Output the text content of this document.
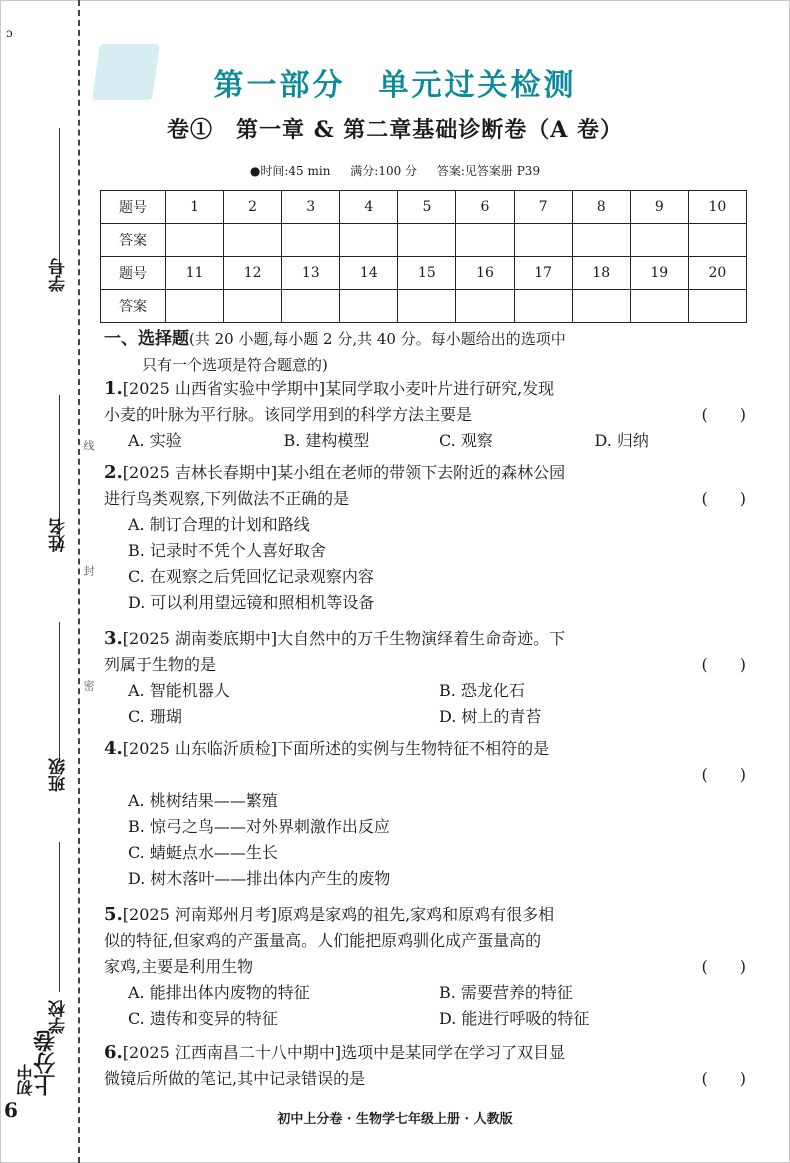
ɔ
学号
姓名
班级
学校
线
封
密
初中
上分卷
6
第一部分　单元过关检测
卷①　第一章 & 第二章基础诊断卷（A 卷）
●时间:45 min 满分:100 分 答案:见答案册 P39
题号	1	2	3	4	5	6	7	8	9	10
答案										
题号	11	12	13	14	15	16	17	18	19	20
答案										
一、选择题(共 20 小题,每小题 2 分,共 40 分。每小题给出的选项中
只有一个选项是符合题意的)
1.[2025 山西省实验中学期中]某同学取小麦叶片进行研究,发现
小麦的叶脉为平行脉。该同学用到的科学方法主要是	(　　)
A. 实验	B. 建构模型	C. 观察	D. 归纳
2.[2025 吉林长春期中]某小组在老师的带领下去附近的森林公园
进行鸟类观察,下列做法不正确的是	(　　)
A. 制订合理的计划和路线
B. 记录时不凭个人喜好取舍
C. 在观察之后凭回忆记录观察内容
D. 可以利用望远镜和照相机等设备
3.[2025 湖南娄底期中]大自然中的万千生物演绎着生命奇迹。下
列属于生物的是	(　　)
A. 智能机器人	B. 恐龙化石
C. 珊瑚	D. 树上的青苔
4.[2025 山东临沂质检]下面所述的实例与生物特征不相符的是
(　　)
A. 桃树结果——繁殖
B. 惊弓之鸟——对外界刺激作出反应
C. 蜻蜓点水——生长
D. 树木落叶——排出体内产生的废物
5.[2025 河南郑州月考]原鸡是家鸡的祖先,家鸡和原鸡有很多相
似的特征,但家鸡的产蛋量高。人们能把原鸡驯化成产蛋量高的
家鸡,主要是利用生物	(　　)
A. 能排出体内废物的特征	B. 需要营养的特征
C. 遗传和变异的特征	D. 能进行呼吸的特征
6.[2025 江西南昌二十八中期中]选项中是某同学在学习了双目显
微镜后所做的笔记,其中记录错误的是	(　　)
初中上分卷 · 生物学七年级上册 · 人教版
